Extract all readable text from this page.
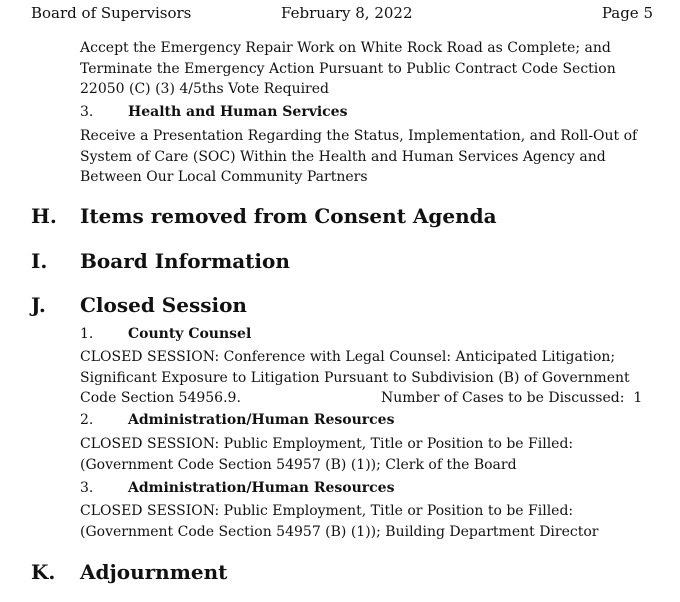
Board of Supervisors	February 8, 2022	Page 5
Accept the Emergency Repair Work on White Rock Road as Complete; and
Terminate the Emergency Action Pursuant to Public Contract Code Section
22050 (C) (3) 4/5ths Vote Required
3. Health and Human Services
Receive a Presentation Regarding the Status, Implementation, and Roll-Out of
System of Care (SOC) Within the Health and Human Services Agency and
Between Our Local Community Partners
H. Items removed from Consent Agenda
I. Board Information
J. Closed Session
1. County Counsel
CLOSED SESSION: Conference with Legal Counsel: Anticipated Litigation;
Significant Exposure to Litigation Pursuant to Subdivision (B) of Government
Code Section 54956.9.	Number of Cases to be Discussed: 1
2. Administration/Human Resources
CLOSED SESSION: Public Employment, Title or Position to be Filled:
(Government Code Section 54957 (B) (1)); Clerk of the Board
3. Administration/Human Resources
CLOSED SESSION: Public Employment, Title or Position to be Filled:
(Government Code Section 54957 (B) (1)); Building Department Director
K. Adjournment
